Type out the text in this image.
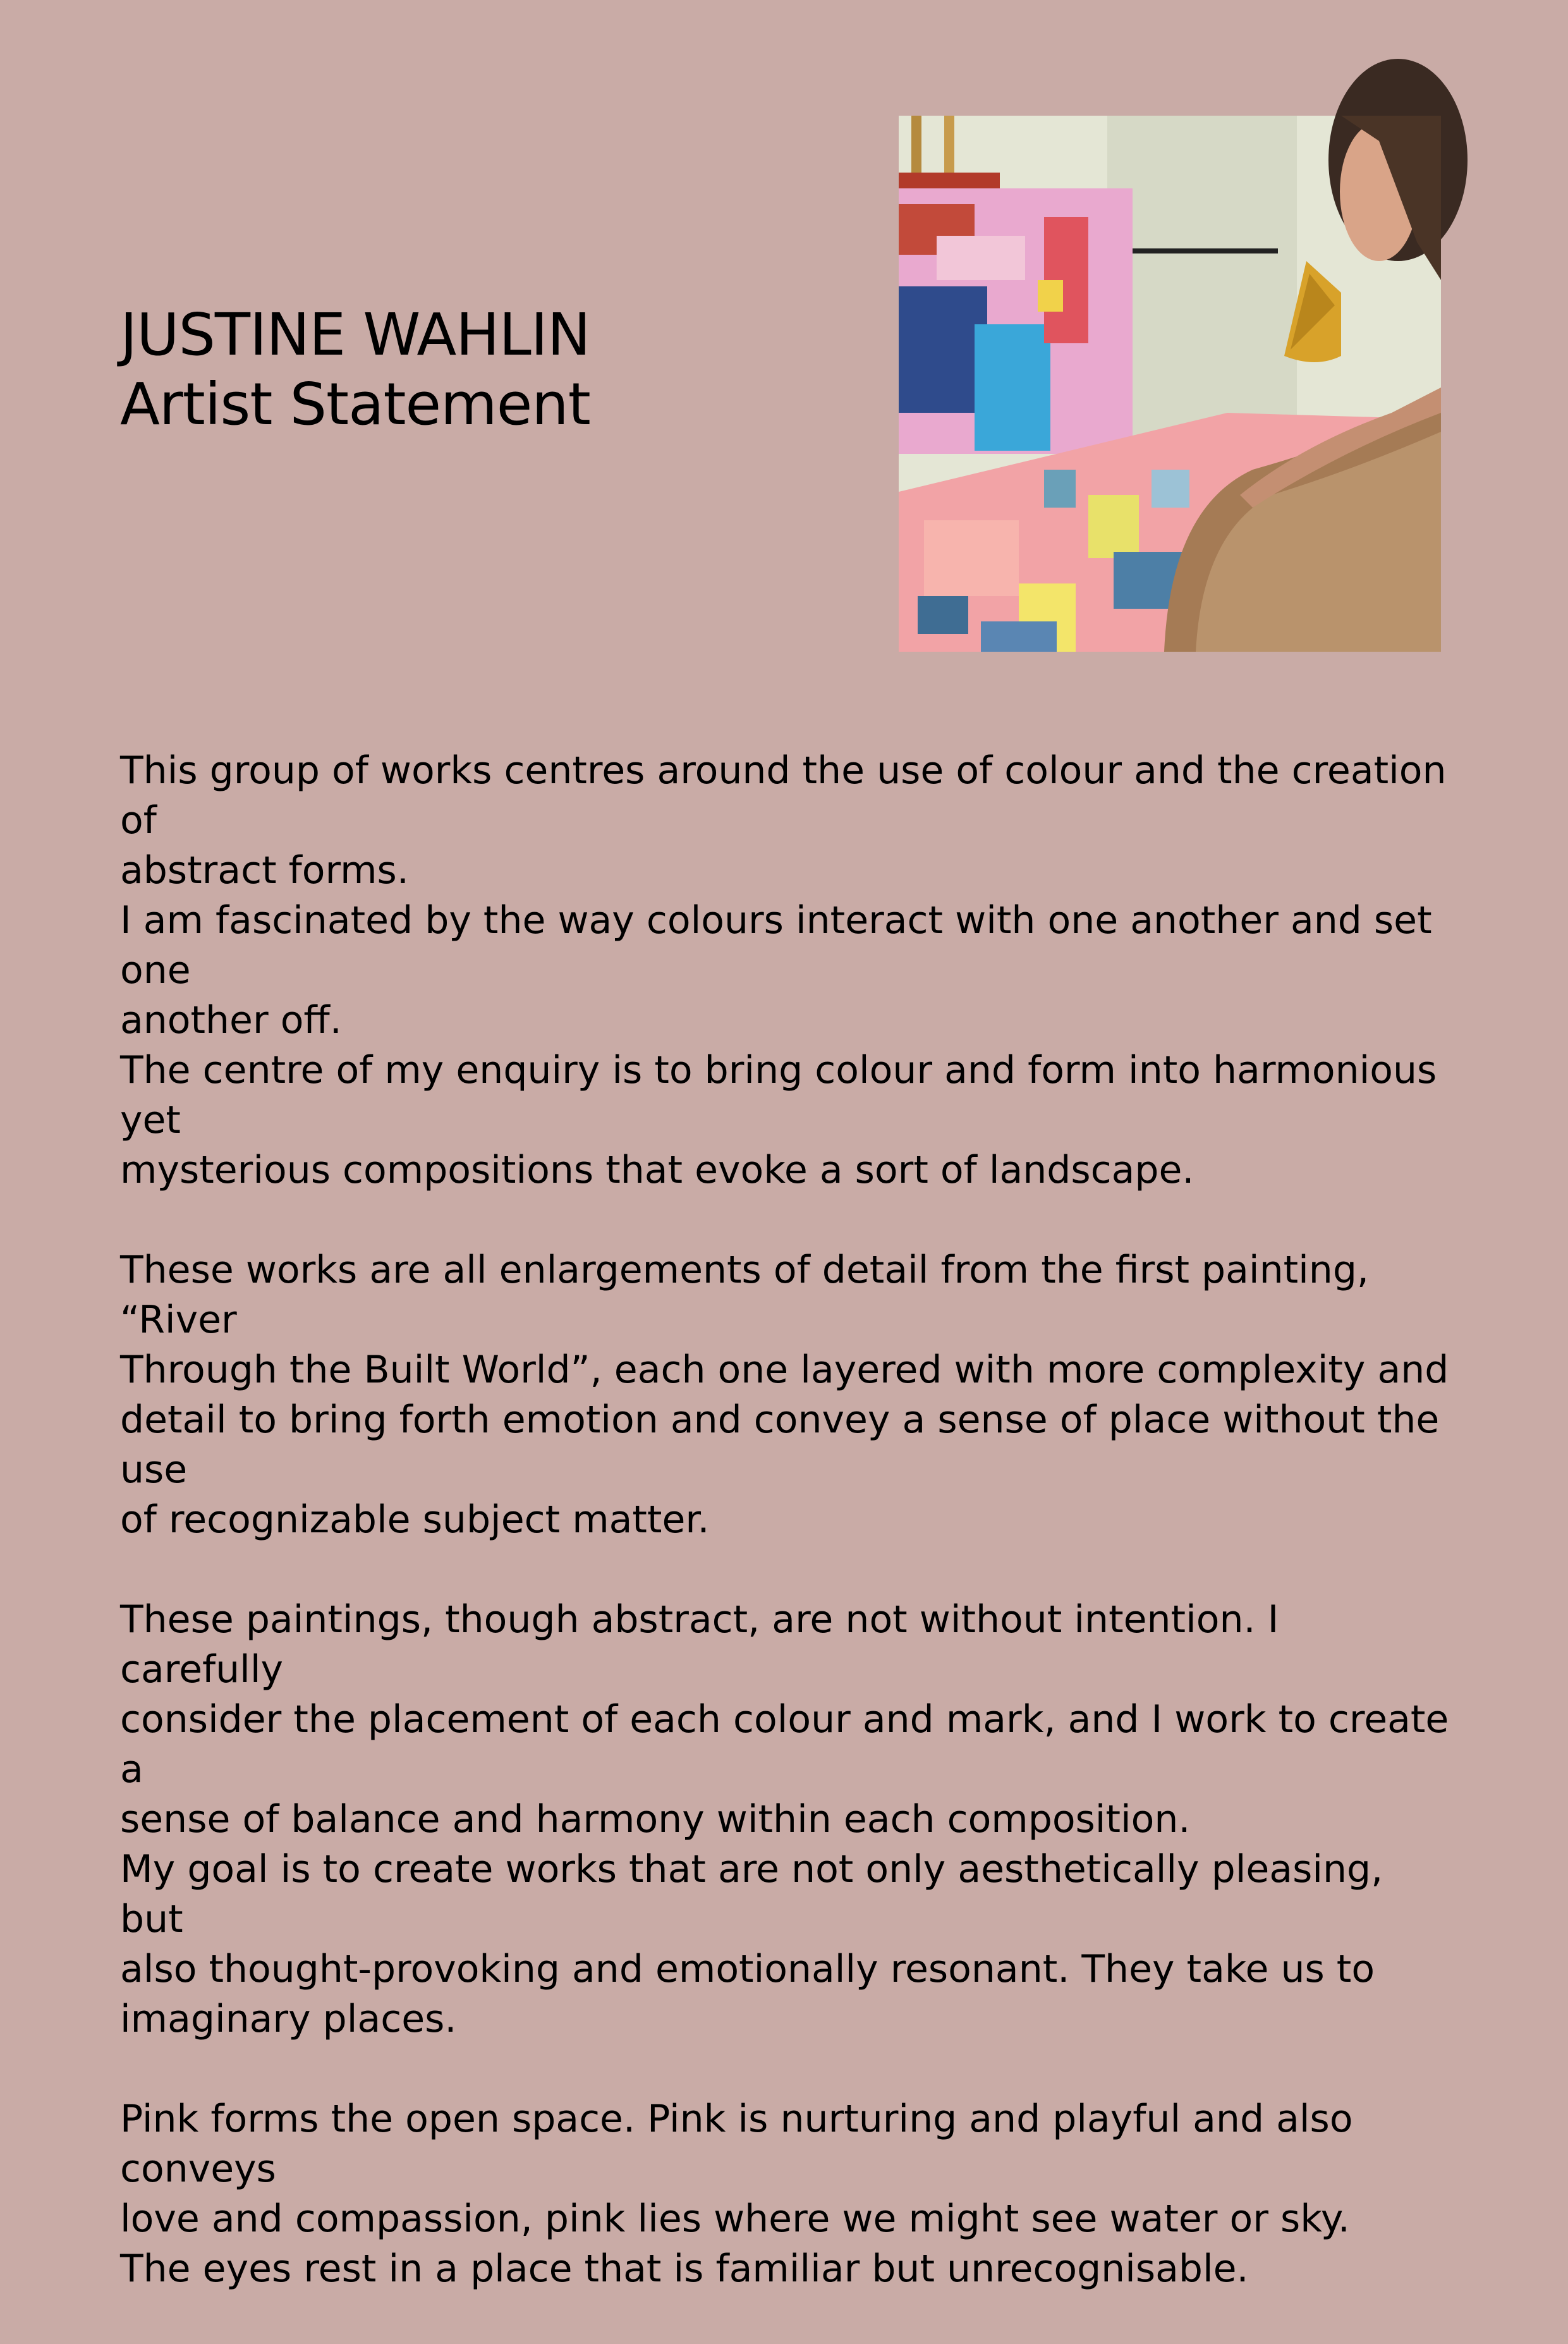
JUSTINE WAHLIN
Artist Statement
This group of works centres around the use of colour and the creation of
abstract forms.
I am fascinated by the way colours interact with one another and set one
another off.
The centre of my enquiry is to bring colour and form into harmonious yet
mysterious compositions that evoke a sort of landscape.
These works are all enlargements of detail from the first painting, “River
Through the Built World”, each one layered with more complexity and
detail to bring forth emotion and convey a sense of place without the use
of recognizable subject matter.
These paintings, though abstract, are not without intention. I carefully
consider the placement of each colour and mark, and I work to create a
sense of balance and harmony within each composition.
My goal is to create works that are not only aesthetically pleasing, but
also thought-provoking and emotionally resonant. They take us to
imaginary places.
Pink forms the open space. Pink is nurturing and playful and also conveys
love and compassion, pink lies where we might see water or sky.
The eyes rest in a place that is familiar but unrecognisable.
